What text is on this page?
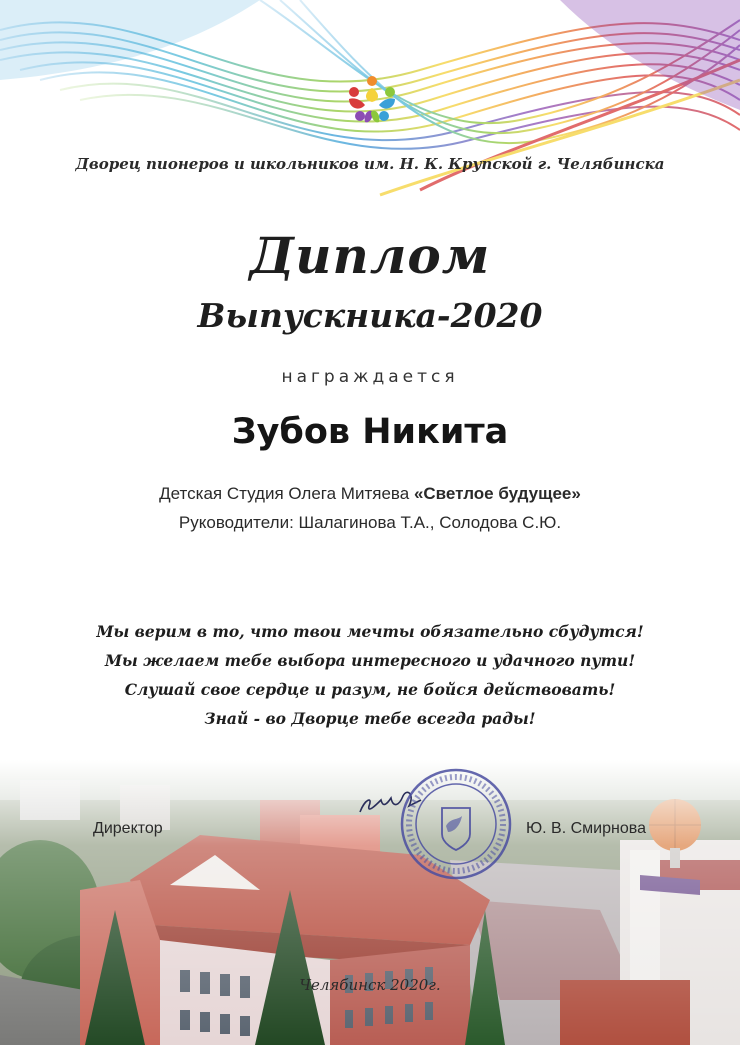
Дворец пионеров и школьников им. Н. К. Крупской г. Челябинска
Диплом
Выпускника-2020
награждается
Зубов Никита
Детская Студия Олега Митяева «Светлое будущее»
Руководители: Шалагинова Т.А., Солодова С.Ю.
Мы верим в то, что твои мечты обязательно сбудутся!
Мы желаем тебе выбора интересного и удачного пути!
Слушай свое сердце и разум, не бойся действовать!
Знай - во Дворце тебе всегда рады!
Директор	Ю. В. Смирнова
Челябинск 2020г.
